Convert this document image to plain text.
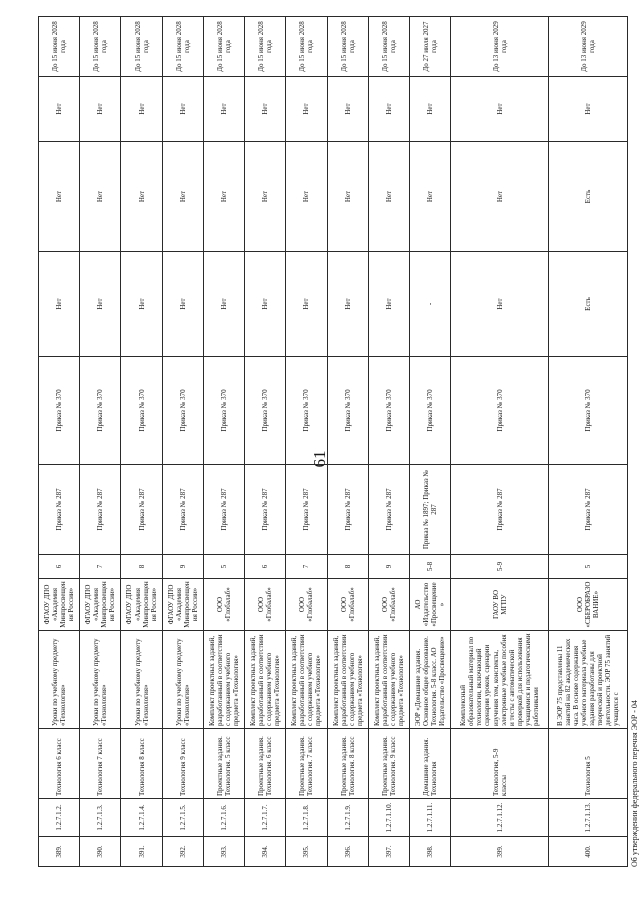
61
389.	1.2.7.1.2.	Технология 6 класс	Уроки по учебному предмету «Технология»	ФГАОУ ДПО «Академия Минпросвещения России»	6	Приказ № 287	Приказ № 370	Нет	Нет	Нет	До 15 июня 2028 года
390.	1.2.7.1.3.	Технология 7 класс	Уроки по учебному предмету «Технология»	ФГАОУ ДПО «Академия Минпросвещения России»	7	Приказ № 287	Приказ № 370	Нет	Нет	Нет	До 15 июня 2028 года
391.	1.2.7.1.4.	Технология 8 класс	Уроки по учебному предмету «Технология»	ФГАОУ ДПО «Академия Минпросвещения России»	8	Приказ № 287	Приказ № 370	Нет	Нет	Нет	До 15 июня 2028 года
392.	1.2.7.1.5.	Технология 9 класс	Уроки по учебному предмету «Технология»	ФГАОУ ДПО «Академия Минпросвещения России»	9	Приказ № 287	Приказ № 370	Нет	Нет	Нет	До 15 июня 2028 года
393.	1.2.7.1.6.	Проектные задания. Технология. 5 класс	Комплект проектных заданий, разработанный в соответствии с содержанием учебного предмета «Технология»	ООО «Глобалаб»	5	Приказ № 287	Приказ № 370	Нет	Нет	Нет	До 15 июня 2028 года
394.	1.2.7.1.7.	Проектные задания. Технология. 6 класс	Комплект проектных заданий, разработанный в соответствии с содержанием учебного предмета «Технология»	ООО «Глобалаб»	6	Приказ № 287	Приказ № 370	Нет	Нет	Нет	До 15 июня 2028 года
395.	1.2.7.1.8.	Проектные задания. Технология. 7 класс	Комплект проектных заданий, разработанный в соответствии с содержанием учебного предмета «Технология»	ООО «Глобалаб»	7	Приказ № 287	Приказ № 370	Нет	Нет	Нет	До 15 июня 2028 года
396.	1.2.7.1.9.	Проектные задания. Технология. 8 класс	Комплект проектных заданий, разработанный в соответствии с содержанием учебного предмета «Технология»	ООО «Глобалаб»	8	Приказ № 287	Приказ № 370	Нет	Нет	Нет	До 15 июня 2028 года
397.	1.2.7.1.10.	Проектные задания. Технология. 9 класс	Комплект проектных заданий, разработанный в соответствии с содержанием учебного предмета «Технология»	ООО «Глобалаб»	9	Приказ № 287	Приказ № 370	Нет	Нет	Нет	До 15 июня 2028 года
398.	1.2.7.1.11.	Домашние задания. Технология	ЭОР «Домашние задания. Основное общее образование. Технология. 5-8 класс. АО Издательство «Просвещение»	АО «Издательство «Просвещение»	5-8	Приказ № 1897; Приказ № 287	Приказ № 370	-	Нет	Нет	До 27 июля 2027 года
399.	1.2.7.1.12.	Технология, 5-9 классы	Комплексный образовательный материал по технологии, включающий сценарии уроков, сценарии изучения тем, конспекты, электронные учебные пособия и тесты с автоматической проверкой для использования учащимися и педагогическими работниками	ГАОУ ВО МГПУ	5-9	Приказ № 287	Приказ № 370	Нет	Нет	Нет	До 13 июня 2029 года
400.	1.2.7.1.13.	Технология 5	В ЭОР 75 представлены 11 занятий на 82 академических часа. В основе содержания учебного материала учебные задания разработаны для творческой и проектной деятельности. ЭОР 75 занятий учащихся с	ООО «СБЕРОБРАЗОВАНИЕ»	5	Приказ № 287	Приказ № 370	Есть	Есть	Нет	До 13 июня 2029 года
Об утверждении федерального перечня ЭОР - 04
